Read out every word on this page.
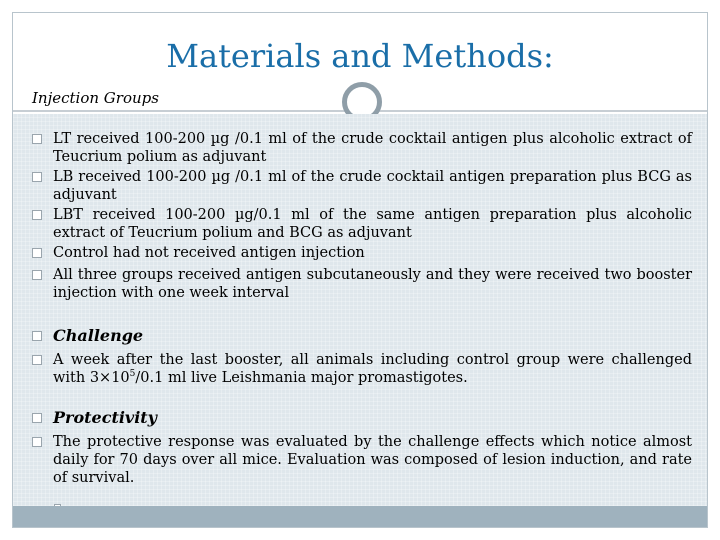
Materials and Methods:
Injection Groups
LT received 100-200 µg /0.1 ml of the crude cocktail antigen plus alcoholic extract of Teucrium polium as adjuvant
LB received 100-200 µg /0.1 ml of the crude cocktail antigen preparation plus BCG as adjuvant
LBT received 100-200 µg/0.1 ml of the same antigen preparation plus alcoholic extract of Teucrium polium and BCG as adjuvant
Control had not received antigen injection
All three groups received antigen subcutaneously and they were received two booster injection with one week interval
Challenge
A week after the last booster, all animals including control group were challenged with $3\times 10^5/0.1$ ml live Leishmania major promastigotes.
Protectivity
The protective response was evaluated by the challenge effects which notice almost daily for 70 days over all mice. Evaluation was composed of lesion induction, and rate of survival.
